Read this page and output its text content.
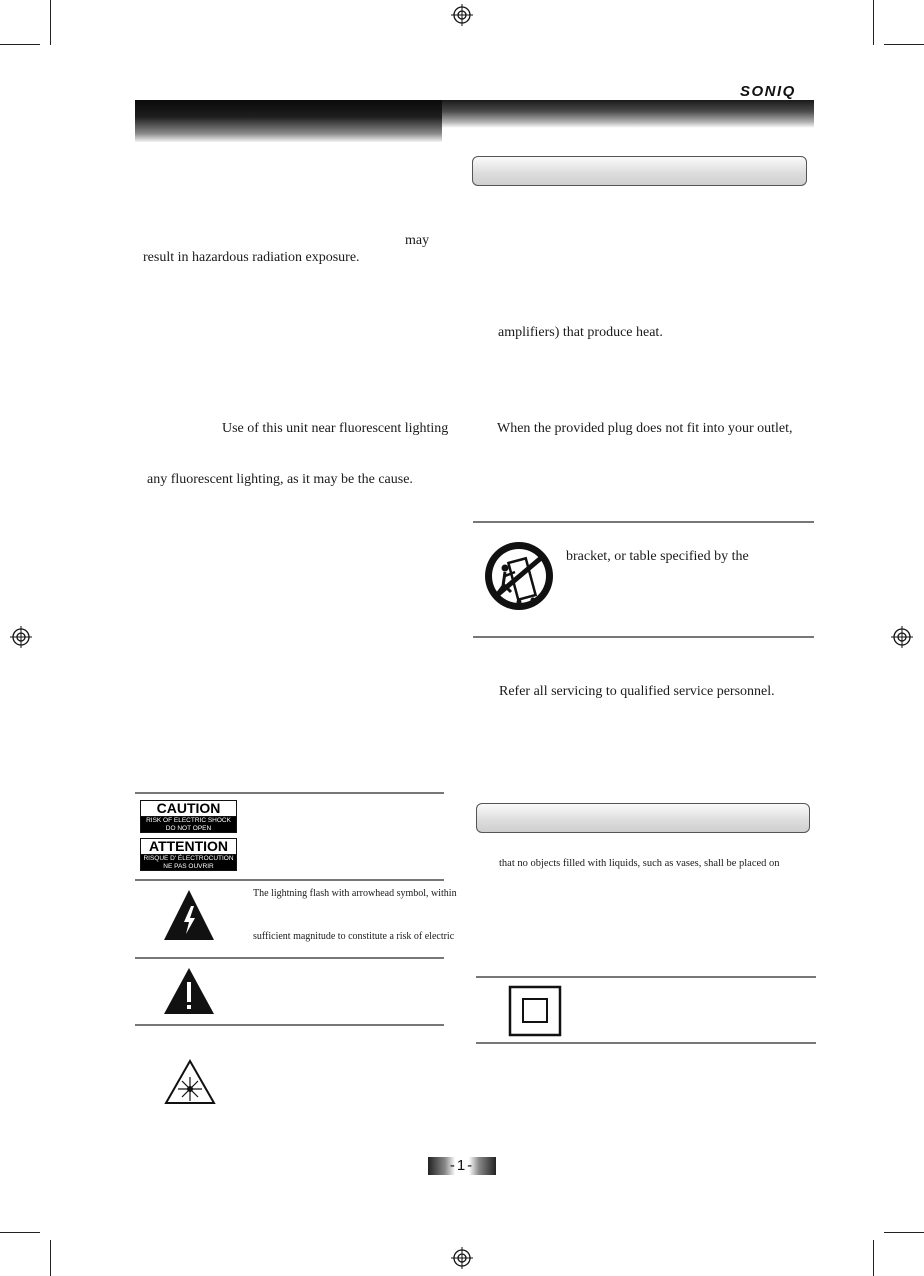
SONIQ
may
result in hazardous radiation exposure.
Use of this unit near fluorescent lighting
any fluorescent lighting, as it may be the cause.
amplifiers) that produce heat.
When the provided plug does not fit into your outlet,
bracket, or table specified by the
Refer all servicing to qualified service personnel.
that no objects filled with liquids, such as vases, shall be placed on
CAUTION
RISK OF ELECTRIC SHOCK
DO NOT OPEN
ATTENTION
RISQUE D' ÉLECTROCUTION
NE PAS OUVRIR
The lightning flash with arrowhead symbol, within
sufficient magnitude to constitute a risk of electric
-1-
